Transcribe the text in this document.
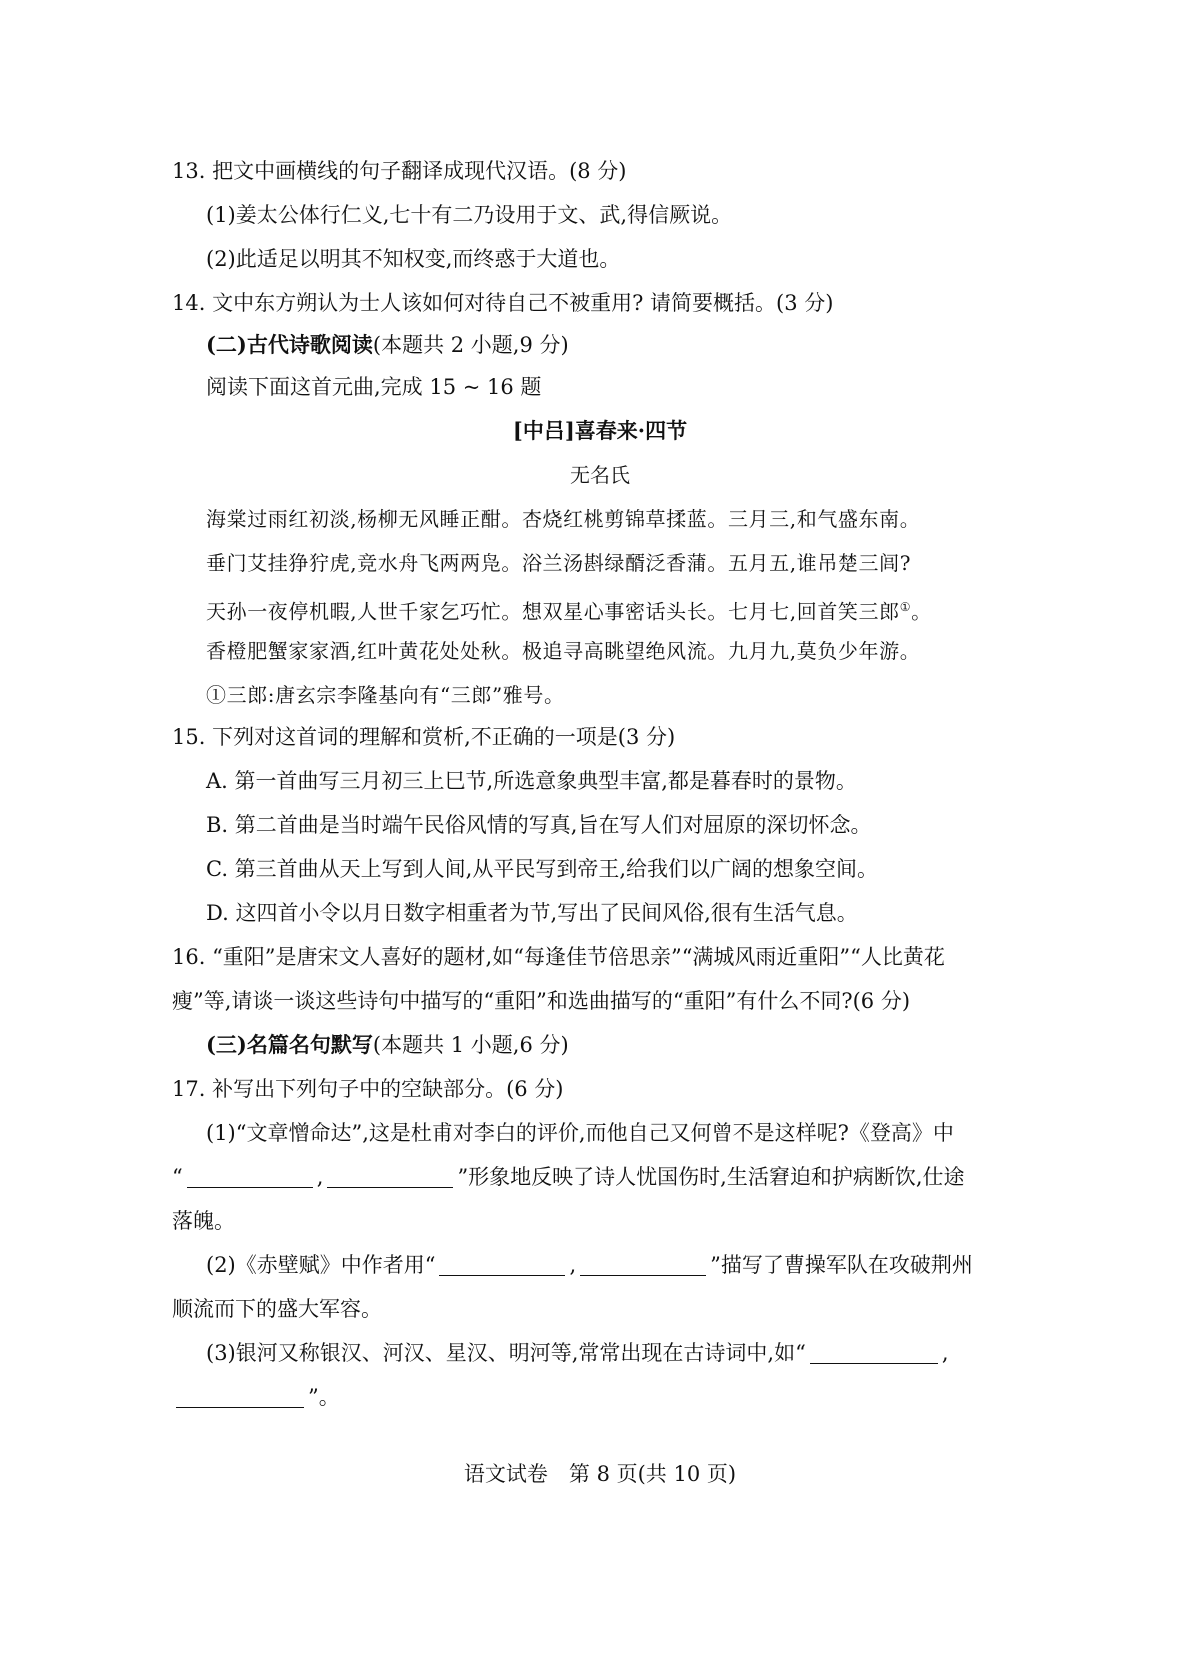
13. 把文中画横线的句子翻译成现代汉语。(8 分)
(1)姜太公体行仁义,七十有二乃设用于文、武,得信厥说。
(2)此适足以明其不知权变,而终惑于大道也。
14. 文中东方朔认为士人该如何对待自己不被重用? 请简要概括。(3 分)
(二)古代诗歌阅读(本题共 2 小题,9 分)
阅读下面这首元曲,完成 15 ~ 16 题
[中吕]喜春来·四节
无名氏
海棠过雨红初淡,杨柳无风睡正酣。杏烧红桃剪锦草揉蓝。三月三,和气盛东南。
垂门艾挂狰狞虎,竞水舟飞两两凫。浴兰汤斟绿醑泛香蒲。五月五,谁吊楚三闾?
天孙一夜停机暇,人世千家乞巧忙。想双星心事密话头长。七月七,回首笑三郎①。
香橙肥蟹家家酒,红叶黄花处处秋。极追寻高眺望绝风流。九月九,莫负少年游。
①三郎:唐玄宗李隆基向有“三郎”雅号。
15. 下列对这首词的理解和赏析,不正确的一项是(3 分)
A. 第一首曲写三月初三上巳节,所选意象典型丰富,都是暮春时的景物。
B. 第二首曲是当时端午民俗风情的写真,旨在写人们对屈原的深切怀念。
C. 第三首曲从天上写到人间,从平民写到帝王,给我们以广阔的想象空间。
D. 这四首小令以月日数字相重者为节,写出了民间风俗,很有生活气息。
16. “重阳”是唐宋文人喜好的题材,如“每逢佳节倍思亲”“满城风雨近重阳”“人比黄花
瘦”等,请谈一谈这些诗句中描写的“重阳”和选曲描写的“重阳”有什么不同?(6 分)
(三)名篇名句默写(本题共 1 小题,6 分)
17. 补写出下列句子中的空缺部分。(6 分)
(1)“文章憎命达”,这是杜甫对李白的评价,而他自己又何曾不是这样呢?《登高》中
“	,	”形象地反映了诗人忧国伤时,生活窘迫和护病断饮,仕途
落魄。
(2)《赤壁赋》中作者用“	,	”描写了曹操军队在攻破荆州
顺流而下的盛大军容。
(3)银河又称银汉、河汉、星汉、明河等,常常出现在古诗词中,如“	,
”。
语文试卷　第 8 页(共 10 页)
